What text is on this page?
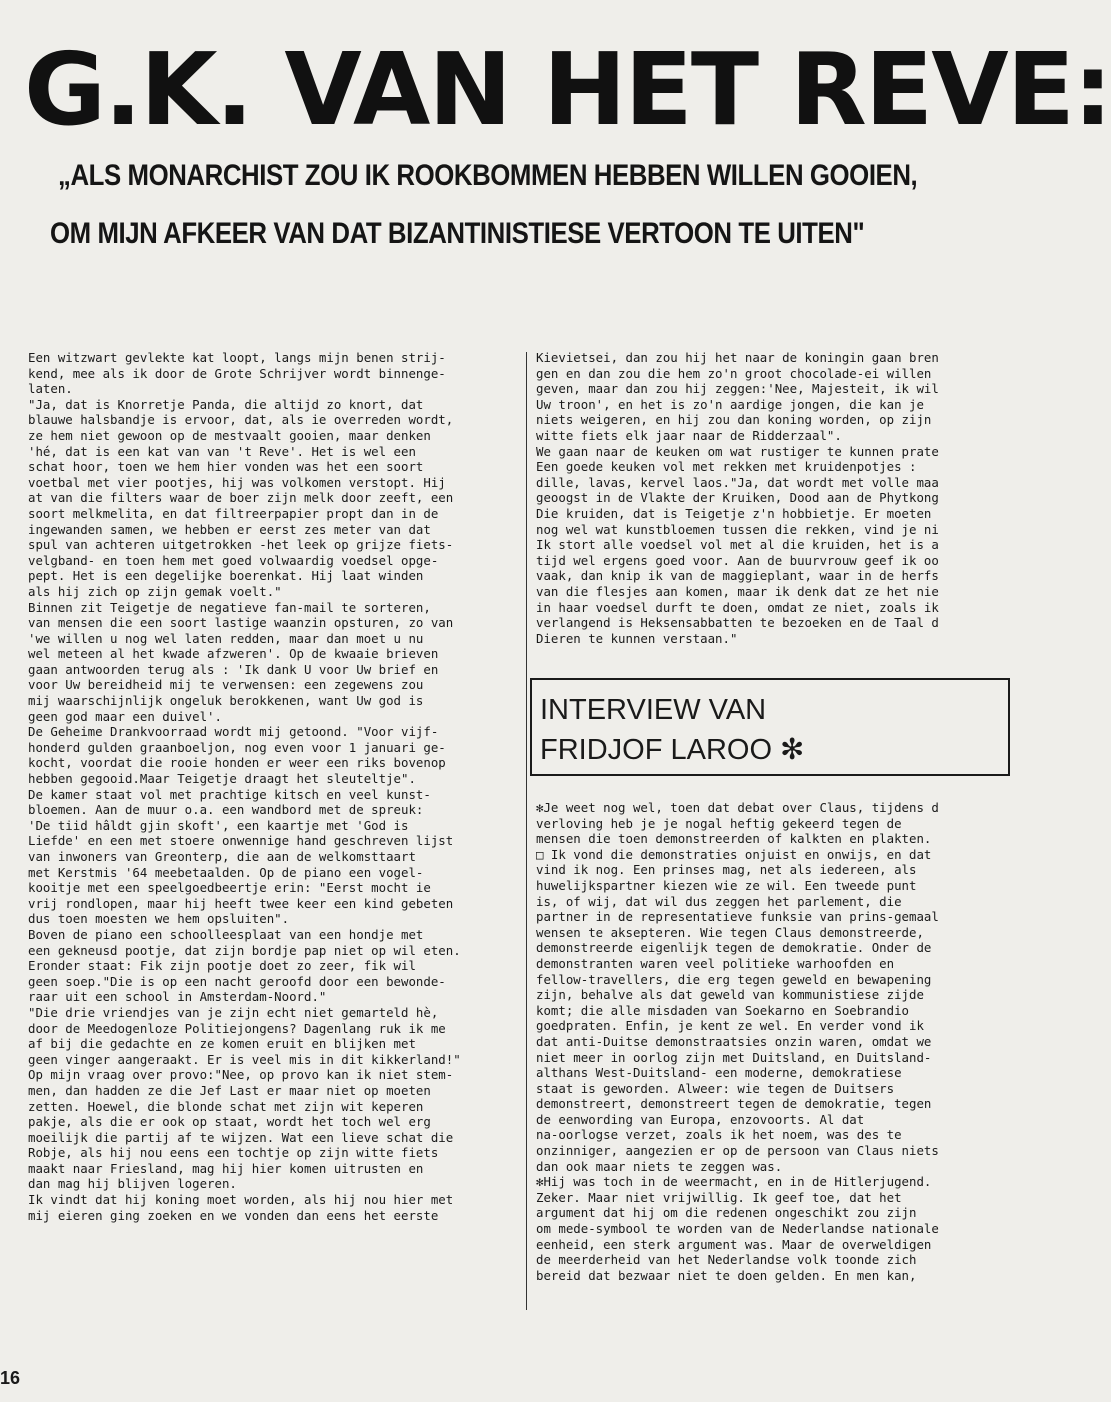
G.K. VAN HET REVE:
„ALS MONARCHIST ZOU IK ROOKBOMMEN HEBBEN WILLEN GOOIEN,
OM MIJN AFKEER VAN DAT BIZANTINISTIESE VERTOON TE UITEN"

Een witzwart gevlekte kat loopt, langs mijn benen strij-

kend, mee als ik door de Grote Schrijver wordt binnenge-

laten.

"Ja, dat is Knorretje Panda, die altijd zo knort, dat

blauwe halsbandje is ervoor, dat, als ie overreden wordt,

ze hem niet gewoon op de mestvaalt gooien, maar denken

'hé, dat is een kat van van 't Reve'. Het is wel een

schat hoor, toen we hem hier vonden was het een soort

voetbal met vier pootjes, hij was volkomen verstopt. Hij

at van die filters waar de boer zijn melk door zeeft, een

soort melkmelita, en dat filtreerpapier propt dan in de

ingewanden samen, we hebben er eerst zes meter van dat

spul van achteren uitgetrokken -het leek op grijze fiets-

velgband- en toen hem met goed volwaardig voedsel opge-

pept. Het is een degelijke boerenkat. Hij laat winden

als hij zich op zijn gemak voelt."

Binnen zit Teigetje de negatieve fan-mail te sorteren,

van mensen die een soort lastige waanzin opsturen, zo van

'we willen u nog wel laten redden, maar dan moet u nu

wel meteen al het kwade afzweren'. Op de kwaaie brieven

gaan antwoorden terug als : 'Ik dank U voor Uw brief en

voor Uw bereidheid mij te verwensen: een zegewens zou

mij waarschijnlijk ongeluk berokkenen, want Uw god is

geen god maar een duivel'.

De Geheime Drankvoorraad wordt mij getoond. "Voor vijf-

honderd gulden graanboeljon, nog even voor 1 januari ge-

kocht, voordat die rooie honden er weer een riks bovenop

hebben gegooid.Maar Teigetje draagt het sleuteltje".

De kamer staat vol met prachtige kitsch en veel kunst-

bloemen. Aan de muur o.a. een wandbord met de spreuk:

'De tiid hâldt gjin skoft', een kaartje met 'God is

Liefde' en een met stoere onwennige hand geschreven lijst

van inwoners van Greonterp, die aan de welkomsttaart

met Kerstmis '64 meebetaalden. Op de piano een vogel-

kooitje met een speelgoedbeertje erin: "Eerst mocht ie

vrij rondlopen, maar hij heeft twee keer een kind gebeten

dus toen moesten we hem opsluiten".

Boven de piano een schoolleesplaat van een hondje met

een gekneusd pootje, dat zijn bordje pap niet op wil eten.

Eronder staat: Fik zijn pootje doet zo zeer, fik wil

geen soep."Die is op een nacht geroofd door een bewonde-

raar uit een school in Amsterdam-Noord."

"Die drie vriendjes van je zijn echt niet gemarteld hè,

door de Meedogenloze Politiejongens? Dagenlang ruk ik me

af bij die gedachte en ze komen eruit en blijken met

geen vinger aangeraakt. Er is veel mis in dit kikkerland!"

Op mijn vraag over provo:"Nee, op provo kan ik niet stem-

men, dan hadden ze die Jef Last er maar niet op moeten

zetten. Hoewel, die blonde schat met zijn wit keperen

pakje, als die er ook op staat, wordt het toch wel erg

moeilijk die partij af te wijzen. Wat een lieve schat die

Robje, als hij nou eens een tochtje op zijn witte fiets

maakt naar Friesland, mag hij hier komen uitrusten en

dan mag hij blijven logeren.

Ik vindt dat hij koning moet worden, als hij nou hier met

mij eieren ging zoeken en we vonden dan eens het eerste

Kievietsei, dan zou hij het naar de koningin gaan bren

gen en dan zou die hem zo'n groot chocolade-ei willen

geven, maar dan zou hij zeggen:'Nee, Majesteit, ik wil

Uw troon', en het is zo'n aardige jongen, die kan je

niets weigeren, en hij zou dan koning worden, op zijn

witte fiets elk jaar naar de Ridderzaal".

We gaan naar de keuken om wat rustiger te kunnen prate

Een goede keuken vol met rekken met kruidenpotjes :

dille, lavas, kervel laos."Ja, dat wordt met volle maa

geoogst in de Vlakte der Kruiken, Dood aan de Phytkong

Die kruiden, dat is Teigetje z'n hobbietje. Er moeten

nog wel wat kunstbloemen tussen die rekken, vind je ni

Ik stort alle voedsel vol met al die kruiden, het is a

tijd wel ergens goed voor. Aan de buurvrouw geef ik oo

vaak, dan knip ik van de maggieplant, waar in de herfs

van die flesjes aan komen, maar ik denk dat ze het nie

in haar voedsel durft te doen, omdat ze niet, zoals ik

verlangend is Heksensabbatten te bezoeken en de Taal d

Dieren te kunnen verstaan."

INTERVIEW VAN
FRIDJOF LAROO ✻

✻Je weet nog wel, toen dat debat over Claus, tijdens d

verloving heb je je nogal heftig gekeerd tegen de

mensen die toen demonstreerden of kalkten en plakten.

□ Ik vond die demonstraties onjuist en onwijs, en dat

vind ik nog. Een prinses mag, net als iedereen, als

huwelijkspartner kiezen wie ze wil. Een tweede punt

is, of wij, dat wil dus zeggen het parlement, die

partner in de representatieve funksie van prins-gemaal

wensen te aksepteren. Wie tegen Claus demonstreerde,

demonstreerde eigenlijk tegen de demokratie. Onder de

demonstranten waren veel politieke warhoofden en

fellow-travellers, die erg tegen geweld en bewapening

zijn, behalve als dat geweld van kommunistiese zijde

komt; die alle misdaden van Soekarno en Soebrandio

goedpraten. Enfin, je kent ze wel. En verder vond ik

dat anti-Duitse demonstraatsies onzin waren, omdat we

niet meer in oorlog zijn met Duitsland, en Duitsland-

althans West-Duitsland- een moderne, demokratiese

staat is geworden. Alweer: wie tegen de Duitsers

demonstreert, demonstreert tegen de demokratie, tegen

de eenwording van Europa, enzovoorts. Al dat

na-oorlogse verzet, zoals ik het noem, was des te

onzinniger, aangezien er op de persoon van Claus niets

dan ook maar niets te zeggen was.

✻Hij was toch in de weermacht, en in de Hitlerjugend.

Zeker. Maar niet vrijwillig. Ik geef toe, dat het

argument dat hij om die redenen ongeschikt zou zijn

om mede-symbool te worden van de Nederlandse nationale

eenheid, een sterk argument was. Maar de overweldigen

de meerderheid van het Nederlandse volk toonde zich

bereid dat bezwaar niet te doen gelden. En men kan,

16
